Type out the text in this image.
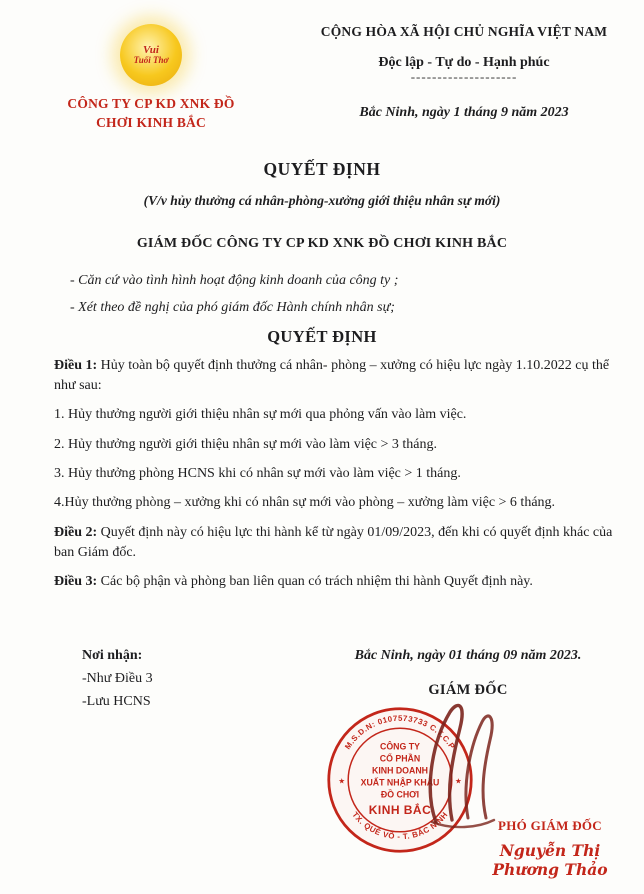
Vui
Tuổi Thơ
CÔNG TY CP KD XNK ĐỒ
CHƠI KINH BẮC
CỘNG HÒA XÃ HỘI CHỦ NGHĨA VIỆT NAM
Độc lập - Tự do - Hạnh phúc
--------------------
Bắc Ninh, ngày 1 tháng 9 năm 2023
QUYẾT ĐỊNH
(V/v hủy thưởng cá nhân-phòng-xưởng giới thiệu nhân sự mới)
GIÁM ĐỐC CÔNG TY CP KD XNK ĐỒ CHƠI KINH BẮC
- Căn cứ vào tình hình hoạt động kinh doanh của công ty ;
- Xét theo đề nghị của phó giám đốc Hành chính nhân sự;
QUYẾT ĐỊNH

Điều 1: Hủy toàn bộ quyết định thưởng cá nhân- phòng – xưởng có hiệu lực ngày 1.10.2022 cụ thể như sau:

1. Hủy thưởng người giới thiệu nhân sự mới qua phỏng vấn vào làm việc.

2. Hủy thưởng người giới thiệu nhân sự mới vào làm việc > 3 tháng.

3. Hủy thưởng phòng HCNS khi có nhân sự mới vào làm việc > 1 tháng.

4.Hủy thưởng phòng – xưởng khi có nhân sự mới vào phòng – xưởng làm việc > 6 tháng.

Điều 2: Quyết định này có hiệu lực thi hành kể từ ngày 01/09/2023, đến khi có quyết định khác của ban Giám đốc.

Điều 3: Các bộ phận và phòng ban liên quan có trách nhiệm thi hành Quyết định này.

Nơi nhận:
-Như Điều 3
-Lưu HCNS
Bắc Ninh, ngày 01 tháng 09 năm 2023.
GIÁM ĐỐC
M.S.D.N: 0107573733 C.T.C.P
TX. QUẾ VÕ - T. BẮC NINH
★	★
CÔNG TY
CỔ PHẦN
KINH DOANH
XUẤT NHẬP KHẨU
ĐỒ CHƠI
KINH BẮC
PHÓ GIÁM ĐỐC
Nguyễn Thị Phương Thảo
